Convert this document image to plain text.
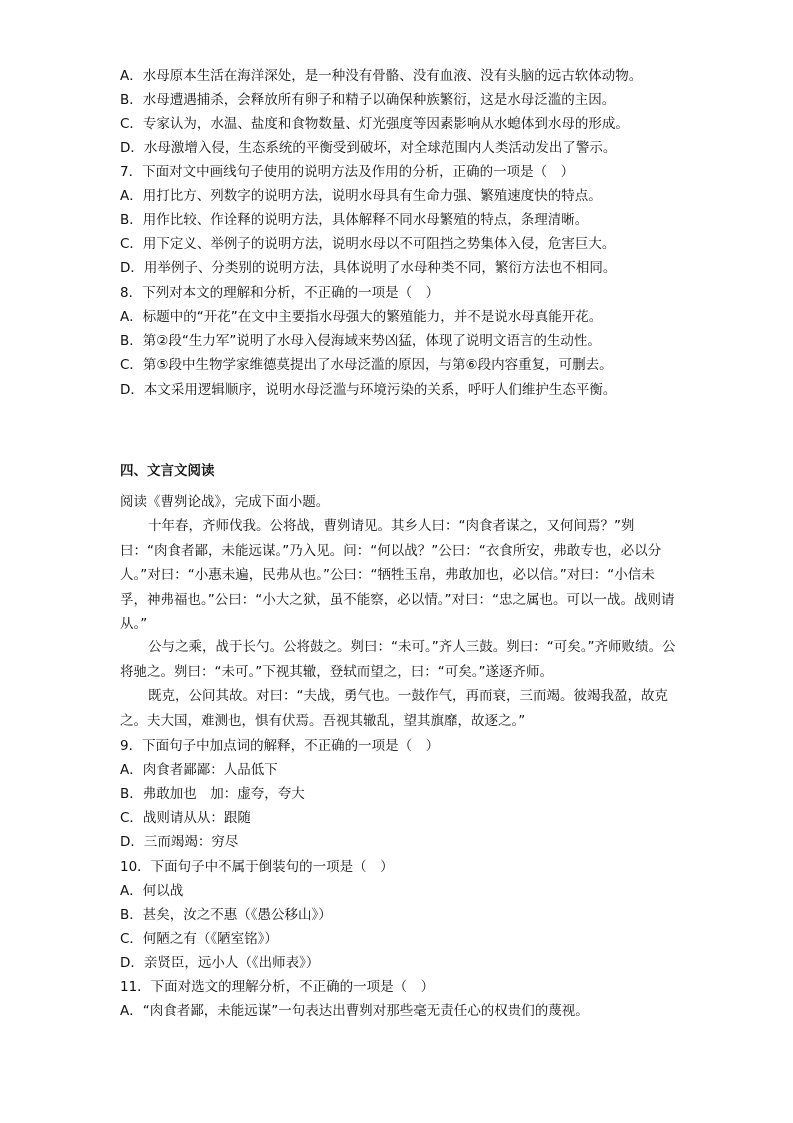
A．水母原本生活在海洋深处，是一种没有骨骼、没有血液、没有头脑的远古软体动物。
B．水母遭遇捕杀，会释放所有卵子和精子以确保种族繁衍，这是水母泛滥的主因。
C．专家认为，水温、盐度和食物数量、灯光强度等因素影响从水螅体到水母的形成。
D．水母激增入侵，生态系统的平衡受到破坏，对全球范围内人类活动发出了警示。
7．下面对文中画线句子使用的说明方法及作用的分析，正确的一项是（　）
A．用打比方、列数字的说明方法，说明水母具有生命力强、繁殖速度快的特点。
B．用作比较、作诠释的说明方法，具体解释不同水母繁殖的特点，条理清晰。
C．用下定义、举例子的说明方法，说明水母以不可阻挡之势集体入侵，危害巨大。
D．用举例子、分类别的说明方法，具体说明了水母种类不同，繁衍方法也不相同。
8．下列对本文的理解和分析，不正确的一项是（　）
A．标题中的“开花”在文中主要指水母强大的繁殖能力，并不是说水母真能开花。
B．第②段“生力军”说明了水母入侵海域来势凶猛，体现了说明文语言的生动性。
C．第⑤段中生物学家维德莫提出了水母泛滥的原因，与第⑥段内容重复，可删去。
D．本文采用逻辑顺序，说明水母泛滥与环境污染的关系，呼吁人们维护生态平衡。
四、文言文阅读
阅读《曹刿论战》，完成下面小题。
十年春，齐师伐我。公将战，曹刿请见。其乡人曰：“肉食者谋之，又何间焉？”刿曰：“肉食者鄙，未能远谋。”乃入见。问：“何以战？”公曰：“衣食所安，弗敢专也，必以分人。”对曰：“小惠未遍，民弗从也。”公曰：“牺牲玉帛，弗敢加也，必以信。”对曰：“小信未孚，神弗福也。”公曰：“小大之狱，虽不能察，必以情。”对曰：“忠之属也。可以一战。战则请从。”
公与之乘，战于长勺。公将鼓之。刿曰：“未可。”齐人三鼓。刿曰：“可矣。”齐师败绩。公将驰之。刿曰：“未可。”下视其辙，登轼而望之，曰：“可矣。”遂逐齐师。
既克，公问其故。对曰：“夫战，勇气也。一鼓作气，再而衰，三而竭。彼竭我盈，故克之。夫大国，难测也，惧有伏焉。吾视其辙乱，望其旗靡，故逐之。”
9．下面句子中加点词的解释，不正确的一项是（　）
A．肉食者鄙鄙：人品低下
B．弗敢加也　加：虚夸，夸大
C．战则请从从：跟随
D．三而竭竭：穷尽
10．下面句子中不属于倒装句的一项是（　）
A．何以战
B．甚矣，汝之不惠（《愚公移山》）
C．何陋之有（《陋室铭》）
D．亲贤臣，远小人（《出师表》）
11．下面对选文的理解分析，不正确的一项是（　）
A．“肉食者鄙，未能远谋”一句表达出曹刿对那些毫无责任心的权贵们的蔑视。
